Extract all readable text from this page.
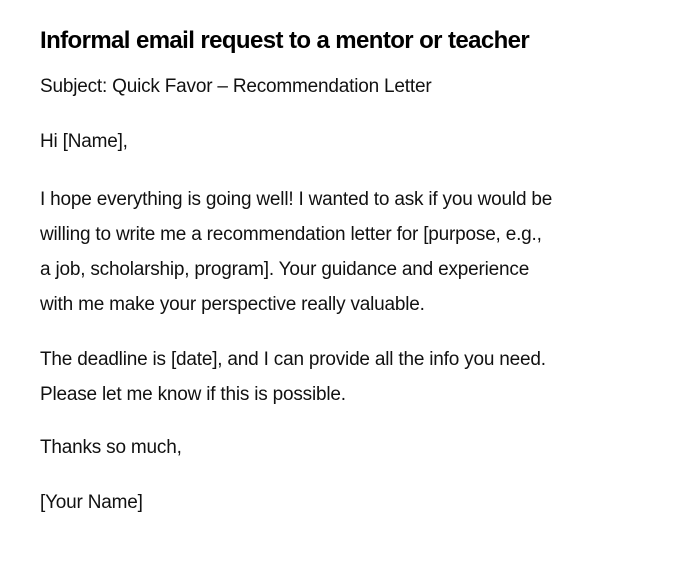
Informal email request to a mentor or teacher

Subject: Quick Favor – Recommendation Letter

Hi [Name],

I hope everything is going well! I wanted to ask if you would be
willing to write me a recommendation letter for [purpose, e.g.,
a job, scholarship, program]. Your guidance and experience
with me make your perspective really valuable.

The deadline is [date], and I can provide all the info you need.
Please let me know if this is possible.

Thanks so much,

[Your Name]
